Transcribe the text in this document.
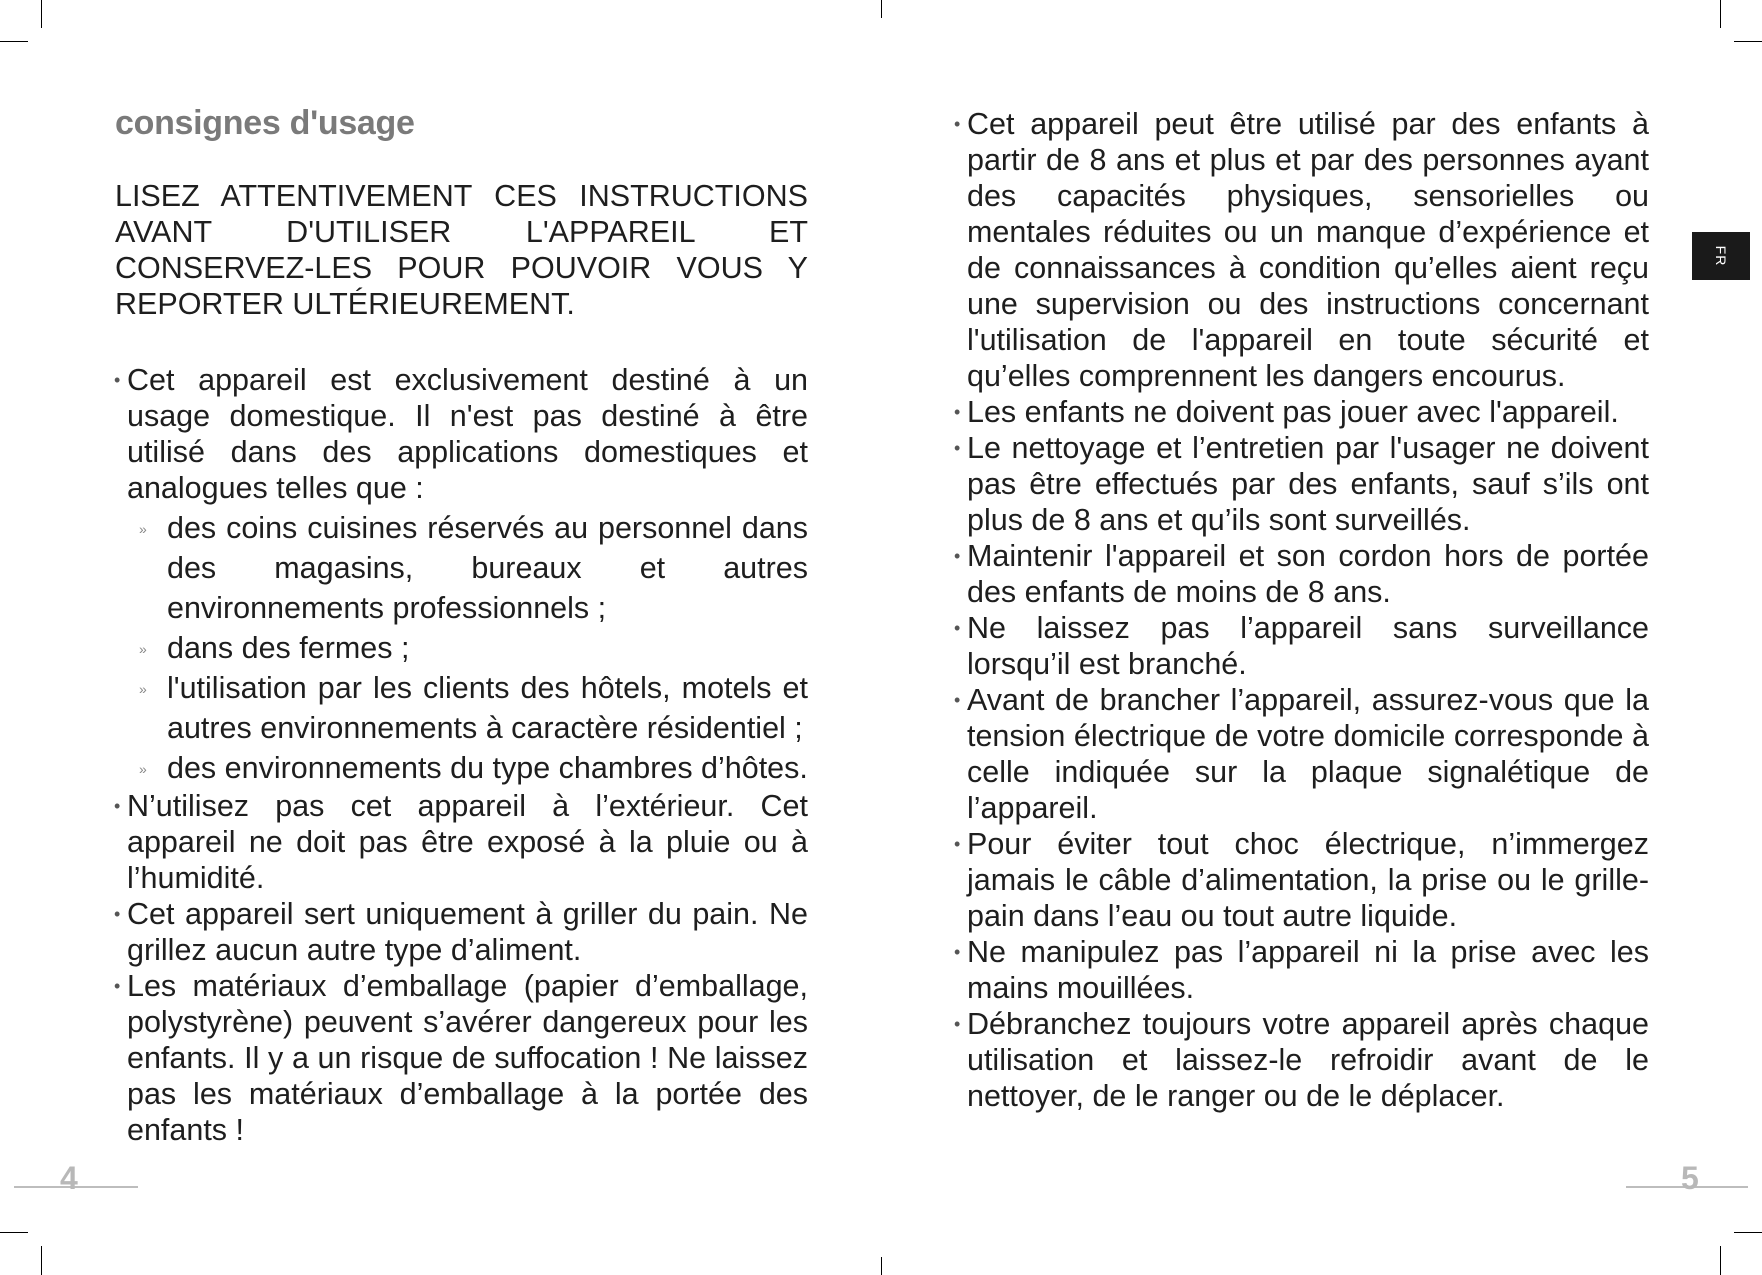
consignes d'usage

LISEZ ATTENTIVEMENT CES INSTRUCTIONS AVANT D'UTILISER L'APPAREIL ET CONSERVEZ-LES POUR POUVOIR VOUS Y REPORTER ULTÉRIEUREMENT.

• Cet appareil est exclusivement destiné à un usage domestique. Il n'est pas destiné à être utilisé dans des applications domestiques et analogues telles que :
» des coins cuisines réservés au personnel dans des magasins, bureaux et autres environnements professionnels ;
» dans des fermes ;
» l'utilisation par les clients des hôtels, motels et autres environnements à caractère résidentiel ;
» des environnements du type chambres d’hôtes.
• N’utilisez pas cet appareil à l’extérieur. Cet appareil ne doit pas être exposé à la pluie ou à l’humidité.
• Cet appareil sert uniquement à griller du pain. Ne grillez aucun autre type d’aliment.
• Les matériaux d’emballage (papier d’emballage, polystyrène) peuvent s’avérer dangereux pour les enfants. Il y a un risque de suffocation ! Ne laissez pas les matériaux d’emballage à la portée des enfants !
4
• Cet appareil peut être utilisé par des enfants à partir de 8 ans et plus et par des personnes ayant des capacités physiques, sensorielles ou mentales réduites ou un manque d’expérience et de connaissances à condition qu’elles aient reçu une supervision ou des instructions concernant l'utilisation de l'appareil en toute sécurité et qu’elles comprennent les dangers encourus.
• Les enfants ne doivent pas jouer avec l'appareil.
• Le nettoyage et l’entretien par l'usager ne doivent pas être effectués par des enfants, sauf s’ils ont plus de 8 ans et qu’ils sont surveillés.
• Maintenir l'appareil et son cordon hors de portée des enfants de moins de 8 ans.
• Ne laissez pas l’appareil sans surveillance lorsqu’il est branché.
• Avant de brancher l’appareil, assurez-vous que la tension électrique de votre domicile corresponde à celle indiquée sur la plaque signalétique de l’appareil.
• Pour éviter tout choc électrique, n’immergez jamais le câble d’alimentation, la prise ou le grille-pain dans l’eau ou tout autre liquide.
• Ne manipulez pas l’appareil ni la prise avec les mains mouillées.
• Débranchez toujours votre appareil après chaque utilisation et laissez-le refroidir avant de le nettoyer, de le ranger ou de le déplacer.
FR
5
